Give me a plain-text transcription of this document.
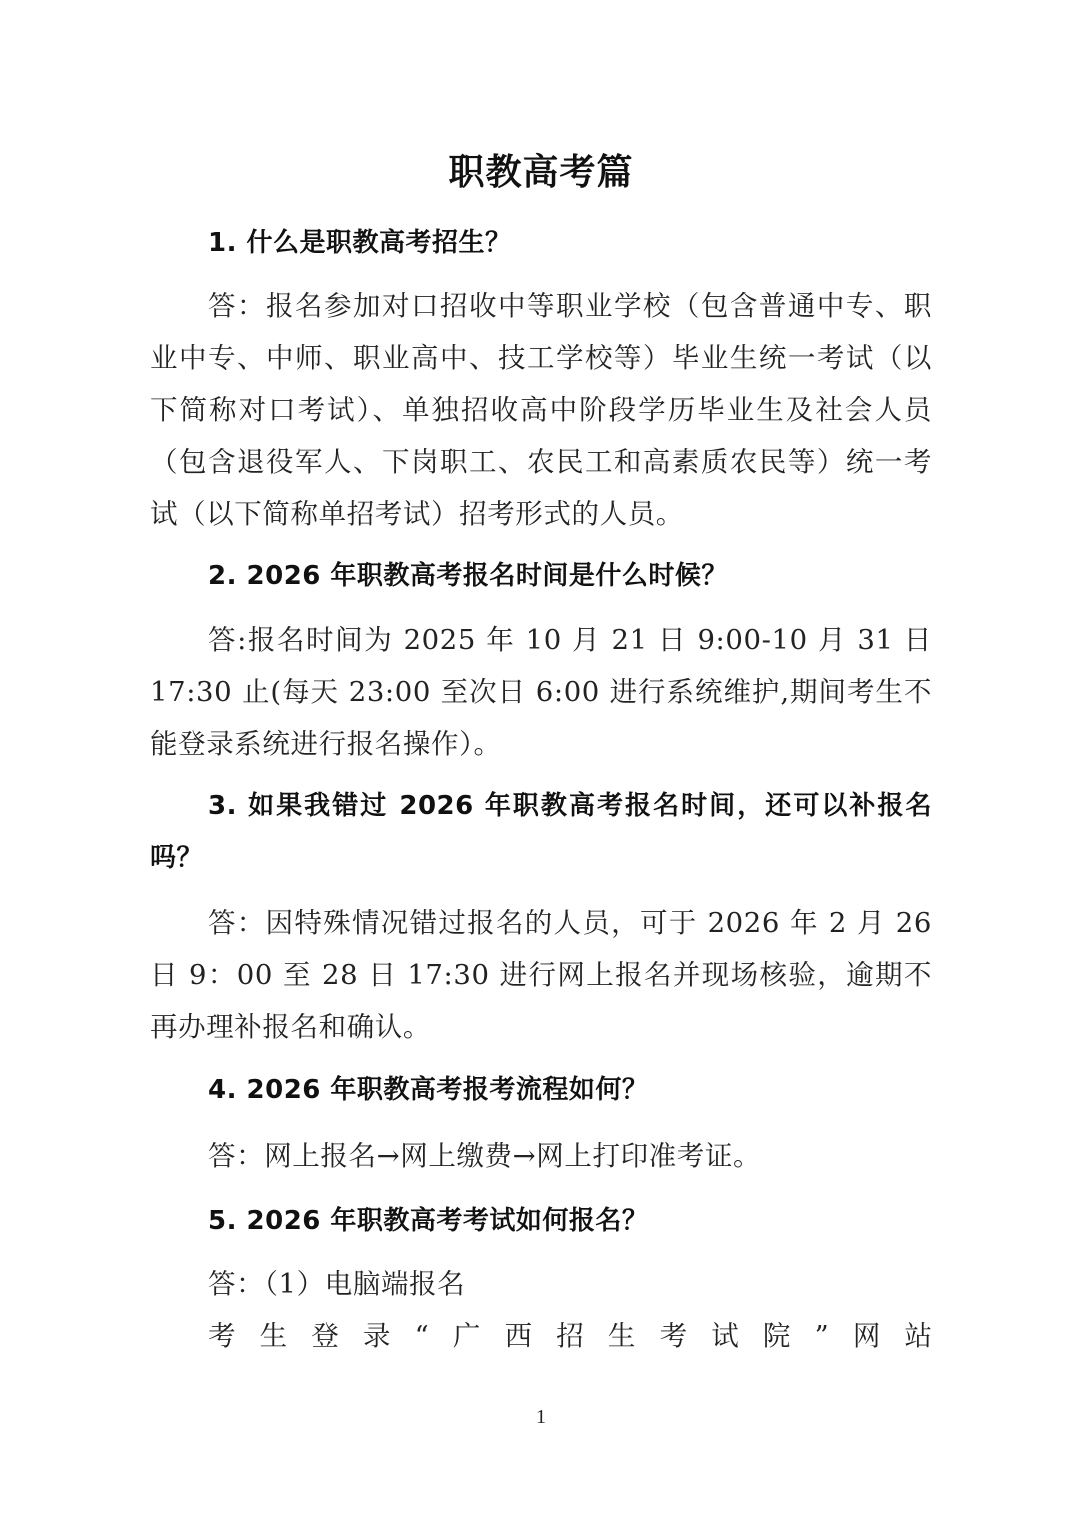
职教高考篇
1. 什么是职教高考招生？
答：报名参加对口招收中等职业学校（包含普通中专、职业中专、中师、职业高中、技工学校等）毕业生统一考试（以下简称对口考试）、单独招收高中阶段学历毕业生及社会人员（包含退役军人、下岗职工、农民工和高素质农民等）统一考试（以下简称单招考试）招考形式的人员。
2. 2026 年职教高考报名时间是什么时候？
答:报名时间为 2025 年 10 月 21 日 9:00-10 月 31 日 17:30 止(每天 23:00 至次日 6:00 进行系统维护,期间考生不能登录系统进行报名操作）。
3. 如果我错过 2026 年职教高考报名时间，还可以补报名吗？
答：因特殊情况错过报名的人员，可于 2026 年 2 月 26 日 9：00 至 28 日 17:30 进行网上报名并现场核验，逾期不再办理补报名和确认。
4. 2026 年职教高考报考流程如何？
答：网上报名→网上缴费→网上打印准考证。
5. 2026 年职教高考考试如何报名？
答：（1）电脑端报名
考生登录“广西招生考试院”网站
1
